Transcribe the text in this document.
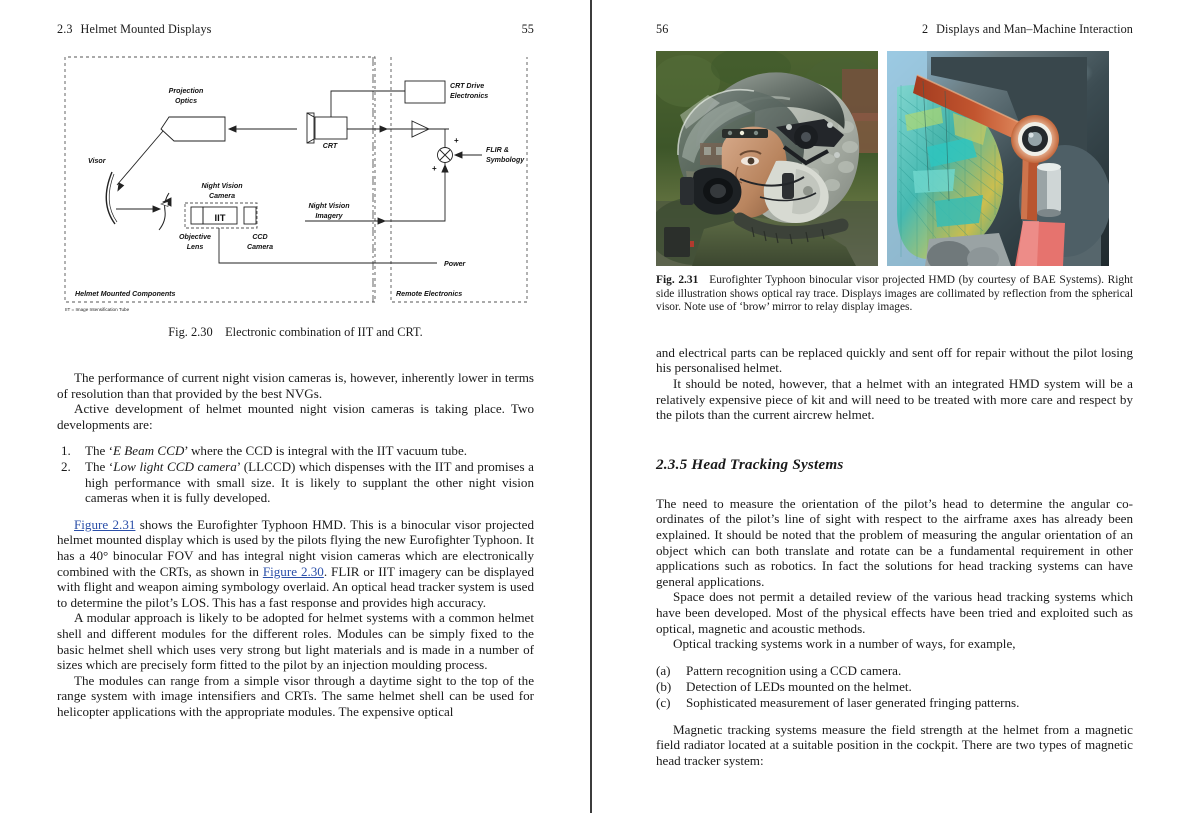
2.3 Helmet Mounted Displays	55
Projection
Optics
Visor
CRT
CRT Drive
Electronics
FLIR &
Symbology
+
+
Night Vision
Camera
Night Vision
Imagery
IIT
Objective
Lens
CCD
Camera
Power
Helmet Mounted Components	Remote Electronics
IIT = Image Intensification Tube
Fig. 2.30 Electronic combination of IIT and CRT.

The performance of current night vision cameras is, however, inherently lower in terms of resolution than that provided by the best NVGs.

Active development of helmet mounted night vision cameras is taking place. Two developments are:

1. The ‘E Beam CCD’ where the CCD is integral with the IIT vacuum tube.
2. The ‘Low light CCD camera’ (LLCCD) which dispenses with the IIT and promises a high performance with small size. It is likely to supplant the other night vision cameras when it is fully developed.

Figure 2.31 shows the Eurofighter Typhoon HMD. This is a binocular visor projected helmet mounted display which is used by the pilots flying the new Eurofighter Typhoon. It has a 40° binocular FOV and has integral night vision cameras which are electronically combined with the CRTs, as shown in Figure 2.30. FLIR or IIT imagery can be displayed with flight and weapon aiming symbology overlaid. An optical head tracker system is used to determine the pilot’s LOS. This has a fast response and provides high accuracy.

A modular approach is likely to be adopted for helmet systems with a common helmet shell and different modules for the different roles. Modules can be simply fixed to the basic helmet shell which uses very strong but light materials and is made in a number of sizes which are precisely form fitted to the pilot by an injection moulding process.

The modules can range from a simple visor through a daytime sight to the top of the range system with image intensifiers and CRTs. The same helmet shell can be used for helicopter applications with the appropriate modules. The expensive optical

56	2 Displays and Man–Machine Interaction
Fig. 2.31 Eurofighter Typhoon binocular visor projected HMD (by courtesy of BAE Systems). Right side illustration shows optical ray trace. Displays images are collimated by reflection from the spherical visor. Note use of ‘brow’ mirror to relay display images.

and electrical parts can be replaced quickly and sent off for repair without the pilot losing his personalised helmet.

It should be noted, however, that a helmet with an integrated HMD system will be a relatively expensive piece of kit and will need to be treated with more care and respect by the pilots than the current aircrew helmet.

2.3.5 Head Tracking Systems

The need to measure the orientation of the pilot’s head to determine the angular co-ordinates of the pilot’s line of sight with respect to the airframe axes has already been explained. It should be noted that the problem of measuring the angular orientation of an object which can both translate and rotate can be a fundamental requirement in other applications such as robotics. In fact the solutions for head tracking systems can have general applications.

Space does not permit a detailed review of the various head tracking systems which have been developed. Most of the physical effects have been tried and exploited such as optical, magnetic and acoustic methods.

Optical tracking systems work in a number of ways, for example,

(a) Pattern recognition using a CCD camera.
(b) Detection of LEDs mounted on the helmet.
(c) Sophisticated measurement of laser generated fringing patterns.

Magnetic tracking systems measure the field strength at the helmet from a magnetic field radiator located at a suitable position in the cockpit. There are two types of magnetic head tracker system:
